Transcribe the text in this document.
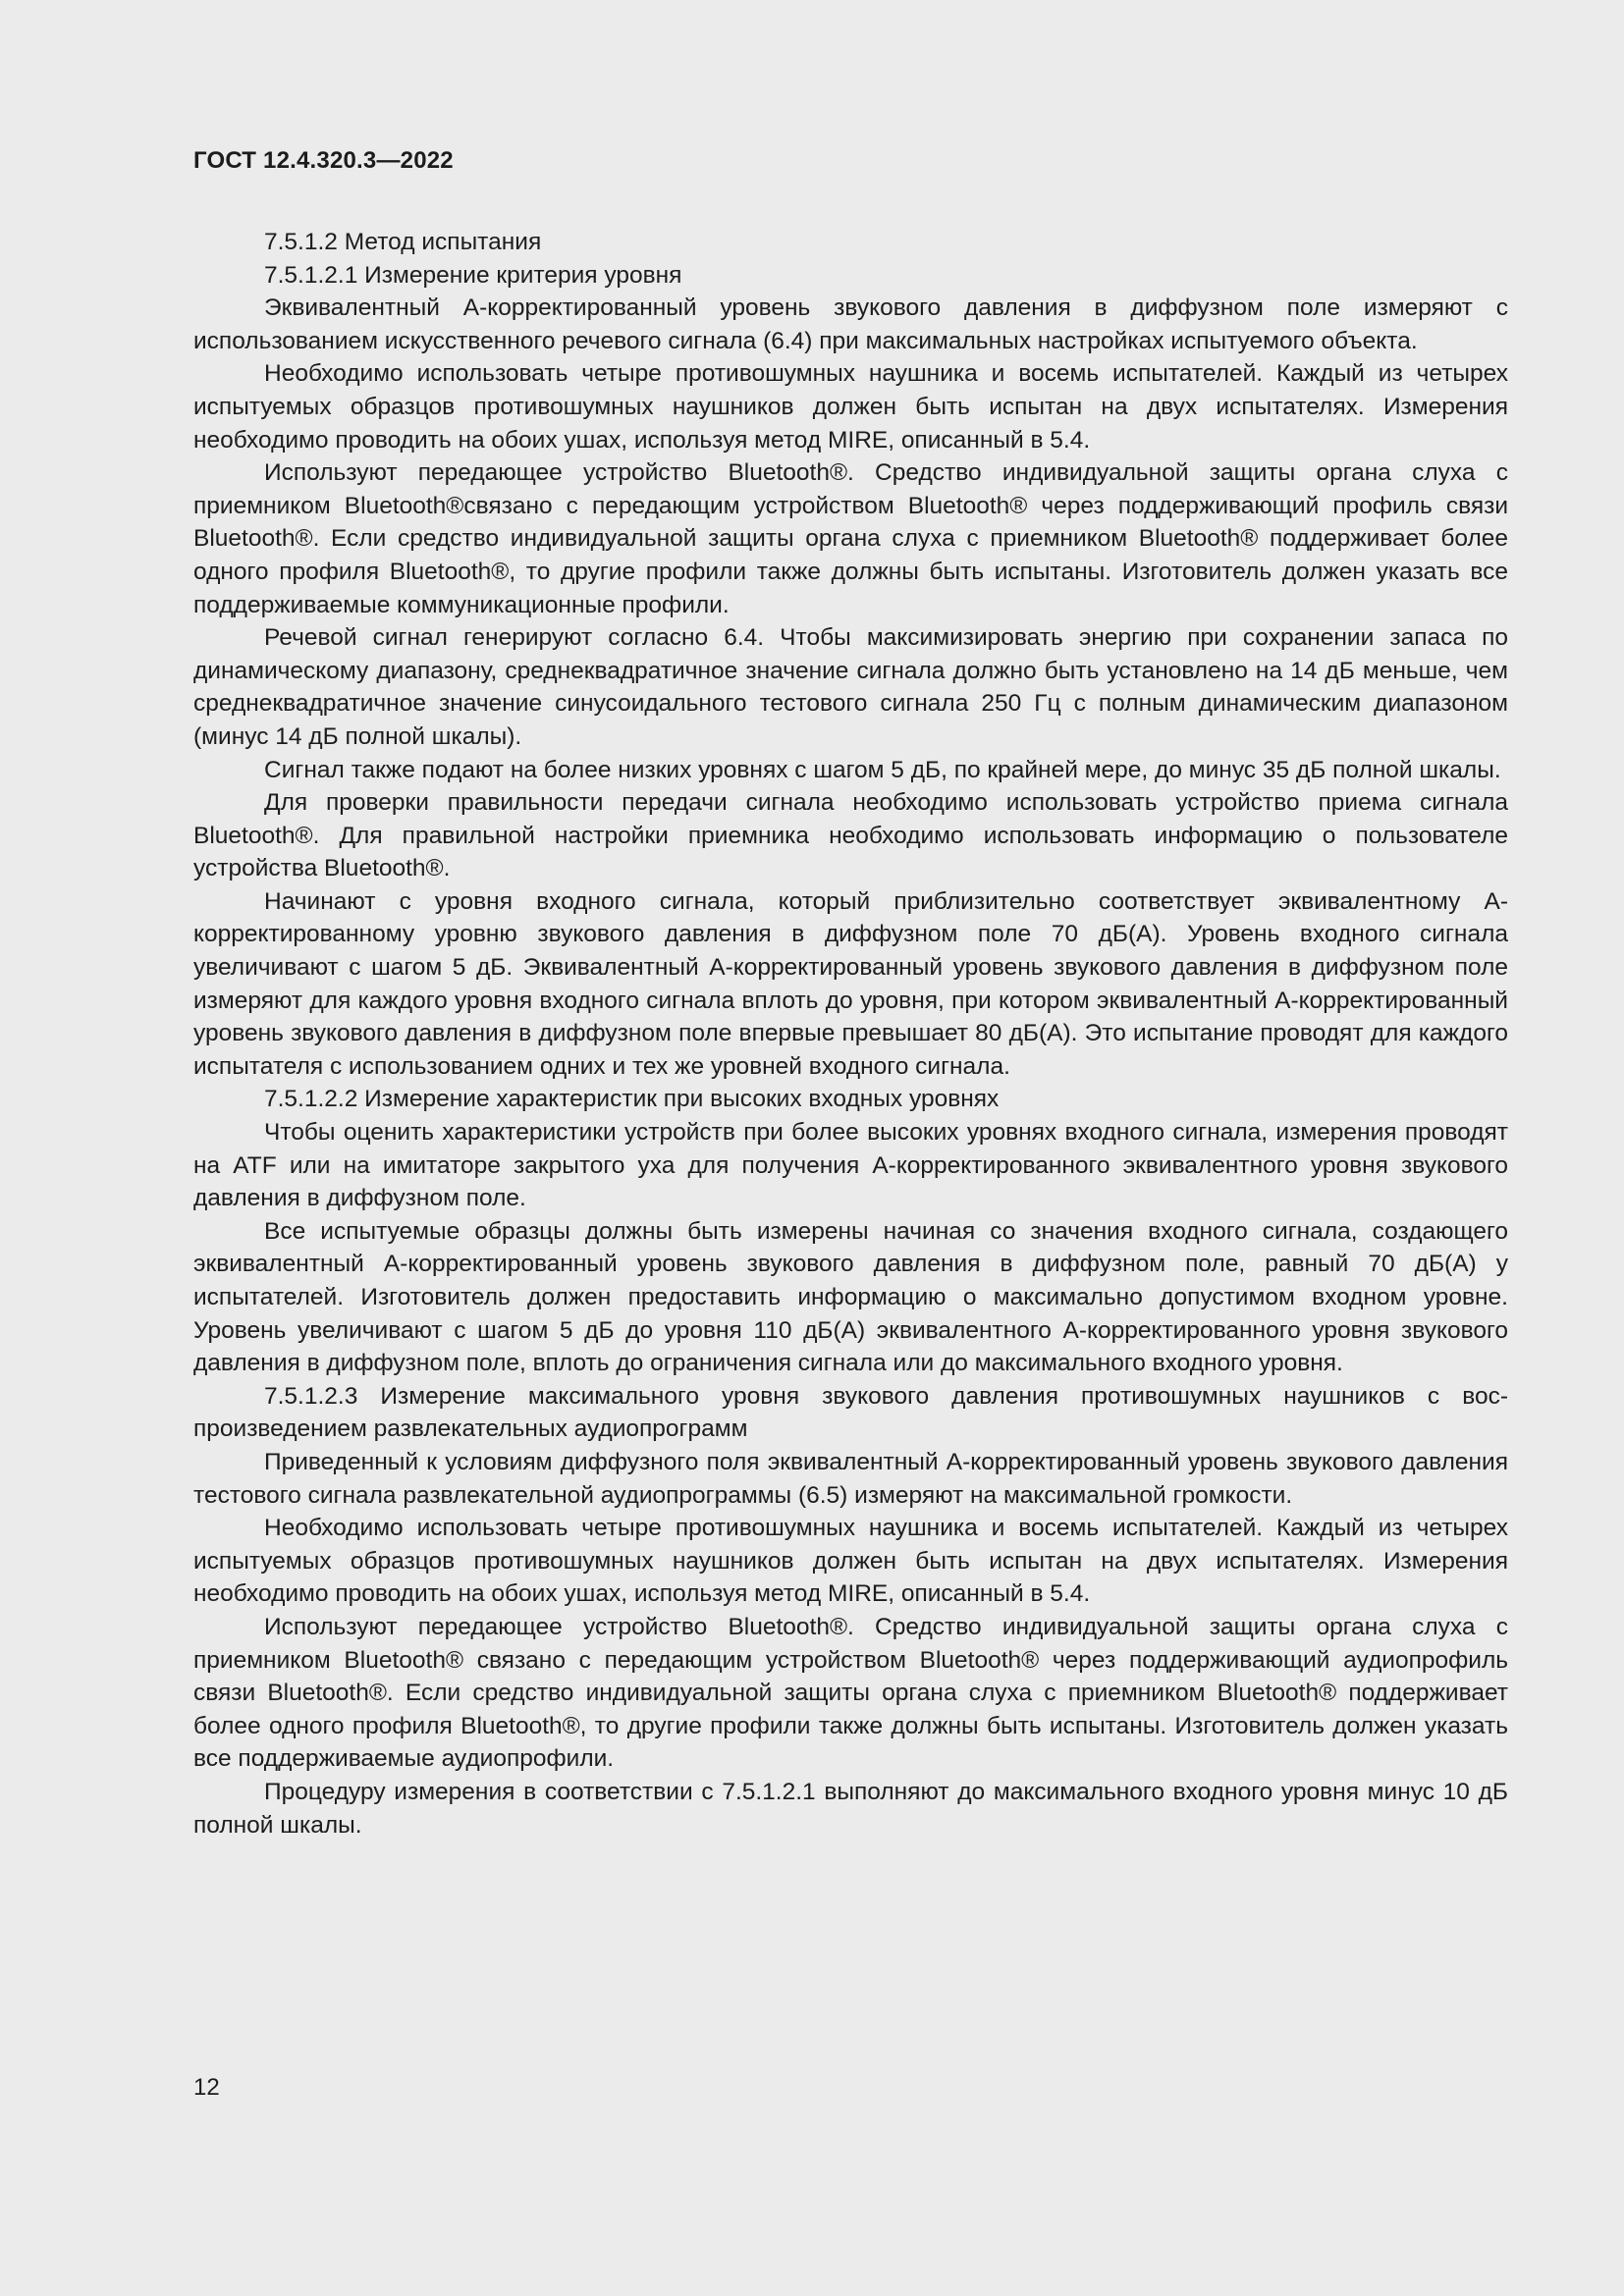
ГОСТ 12.4.320.3—2022

7.5.1.2 Метод испытания

7.5.1.2.1 Измерение критерия уровня

Эквивалентный А-корректированный уровень звукового давления в диффузном поле измеряют с использованием искусственного речевого сигнала (6.4) при максимальных настройках испытуемого объекта.

Необходимо использовать четыре противошумных наушника и восемь испытателей. Каждый из четырех испытуемых образцов противошумных наушников должен быть испытан на двух испытателях. Измерения необходимо проводить на обоих ушах, используя метод MIRE, описанный в 5.4.

Используют передающее устройство Bluetooth®. Средство индивидуальной защиты органа слуха с приемником Bluetooth®связано с передающим устройством Bluetooth® через поддерживающий профиль связи Bluetooth®. Если средство индивидуальной защиты органа слуха с приемником Bluetooth® поддерживает более одного профиля Bluetooth®, то другие профили также должны быть испытаны. Изготовитель должен указать все поддерживаемые коммуникационные профили.

Речевой сигнал генерируют согласно 6.4. Чтобы максимизировать энергию при сохранении запаса по динамическому диапазону, среднеквадратичное значение сигнала должно быть установлено на 14 дБ меньше, чем среднеквадратичное значение синусоидального тестового сигнала 250 Гц с полным динамическим диапазоном (минус 14 дБ полной шкалы).

Сигнал также подают на более низких уровнях с шагом 5 дБ, по крайней мере, до минус 35 дБ полной шкалы.

Для проверки правильности передачи сигнала необходимо использовать устройство приема сигнала Bluetooth®. Для правильной настройки приемника необходимо использовать информацию о пользователе устройства Bluetooth®.

Начинают с уровня входного сигнала, который приблизительно соответствует эквивалентному А-корректированному уровню звукового давления в диффузном поле 70 дБ(А). Уровень входного сигнала увеличивают с шагом 5 дБ. Эквивалентный А-корректированный уровень звукового давления в диффузном поле измеряют для каждого уровня входного сигнала вплоть до уровня, при котором эквивалентный А-корректированный уровень звукового давления в диффузном поле впервые превышает 80 дБ(А). Это испытание проводят для каждого испытателя с использованием одних и тех же уровней входного сигнала.

7.5.1.2.2 Измерение характеристик при высоких входных уровнях

Чтобы оценить характеристики устройств при более высоких уровнях входного сигнала, измерения проводят на ATF или на имитаторе закрытого уха для получения А-корректированного эквивалентного уровня звукового давления в диффузном поле.

Все испытуемые образцы должны быть измерены начиная со значения входного сигнала, создающего эквивалентный А-корректированный уровень звукового давления в диффузном поле, равный 70 дБ(А) у испытателей. Изготовитель должен предоставить информацию о максимально допустимом входном уровне. Уровень увеличивают с шагом 5 дБ до уровня 110 дБ(А) эквивалентного А-корректированного уровня звукового давления в диффузном поле, вплоть до ограничения сигнала или до максимального входного уровня.

7.5.1.2.3 Измерение максимального уровня звукового давления противошумных наушников с воспроизведением развлекательных аудиопрограмм

Приведенный к условиям диффузного поля эквивалентный А-корректированный уровень звукового давления тестового сигнала развлекательной аудиопрограммы (6.5) измеряют на максимальной громкости.

Необходимо использовать четыре противошумных наушника и восемь испытателей. Каждый из четырех испытуемых образцов противошумных наушников должен быть испытан на двух испытателях. Измерения необходимо проводить на обоих ушах, используя метод MIRE, описанный в 5.4.

Используют передающее устройство Bluetooth®. Средство индивидуальной защиты органа слуха с приемником Bluetooth® связано с передающим устройством Bluetooth® через поддерживающий аудиопрофиль связи Bluetooth®. Если средство индивидуальной защиты органа слуха с приемником Bluetooth® поддерживает более одного профиля Bluetooth®, то другие профили также должны быть испытаны. Изготовитель должен указать все поддерживаемые аудиопрофили.

Процедуру измерения в соответствии с 7.5.1.2.1 выполняют до максимального входного уровня минус 10 дБ полной шкалы.

12
